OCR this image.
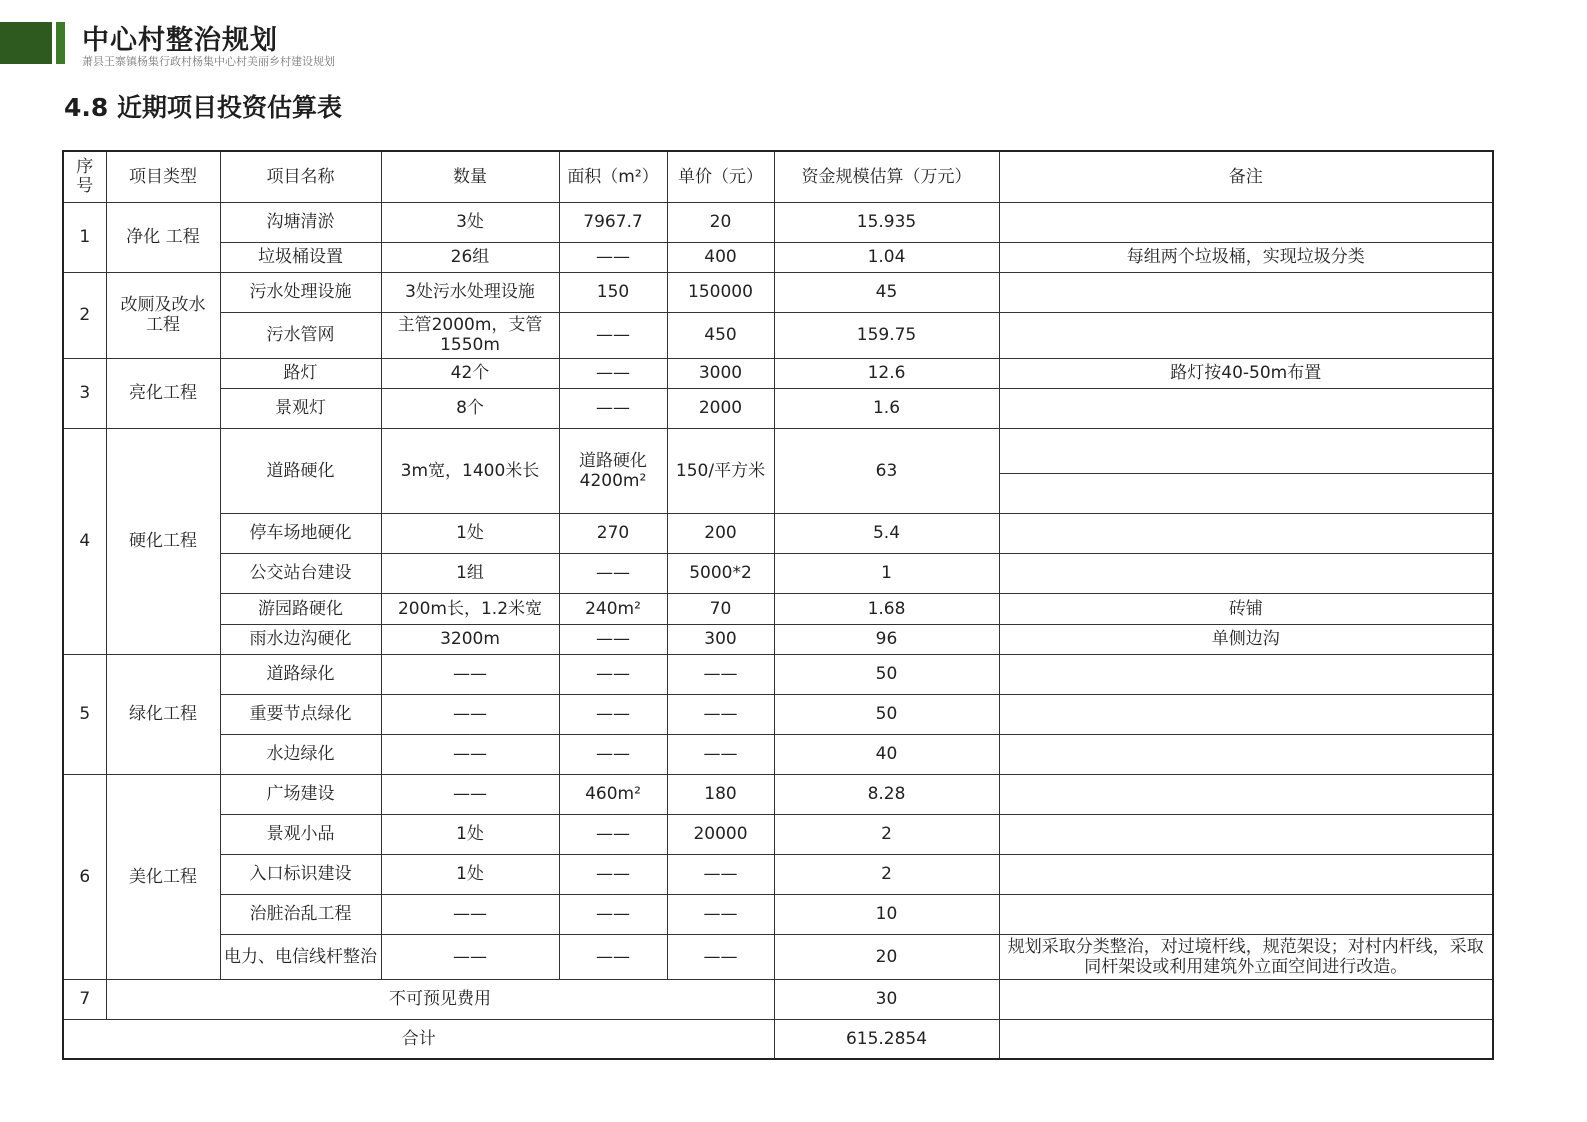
中心村整治规划
萧县王寨镇杨集行政村杨集中心村美丽乡村建设规划
4.8 近期项目投资估算表
序号	项目类型	项目名称	数量	面积（m²）	单价（元）	资金规模估算（万元）	备注
1	净化 工程	沟塘清淤	3处	7967.7	20	15.935	
		垃圾桶设置	26组	——	400	1.04	每组两个垃圾桶，实现垃圾分类
2	改厕及改水工程	污水处理设施	3处污水处理设施	150	150000	45	
		污水管网	主管2000m，支管1550m	——	450	159.75	
3	亮化工程	路灯	42个	——	3000	12.6	路灯按40-50m布置
		景观灯	8个	——	2000	1.6	
4	硬化工程	道路硬化	3m宽，1400米长	道路硬化 4200m²	150/平方米	63	

		停车场地硬化	1处	270	200	5.4	
		公交站台建设	1组	——	5000*2	1	
		游园路硬化	200m长，1.2米宽	240m²	70	1.68	砖铺
		雨水边沟硬化	3200m	——	300	96	单侧边沟
5	绿化工程	道路绿化	——	——	——	50	
		重要节点绿化	——	——	——	50	
		水边绿化	——	——	——	40	
6	美化工程	广场建设	——	460m²	180	8.28	
		景观小品	1处	——	20000	2	
		入口标识建设	1处	——	——	2	
		治脏治乱工程	——	——	——	10	
		电力、电信线杆整治	——	——	——	20	规划采取分类整治，对过境杆线，规范架设；对村内杆线，采取同杆架设或利用建筑外立面空间进行改造。
7	不可预见费用					30	
合计						615.2854	
